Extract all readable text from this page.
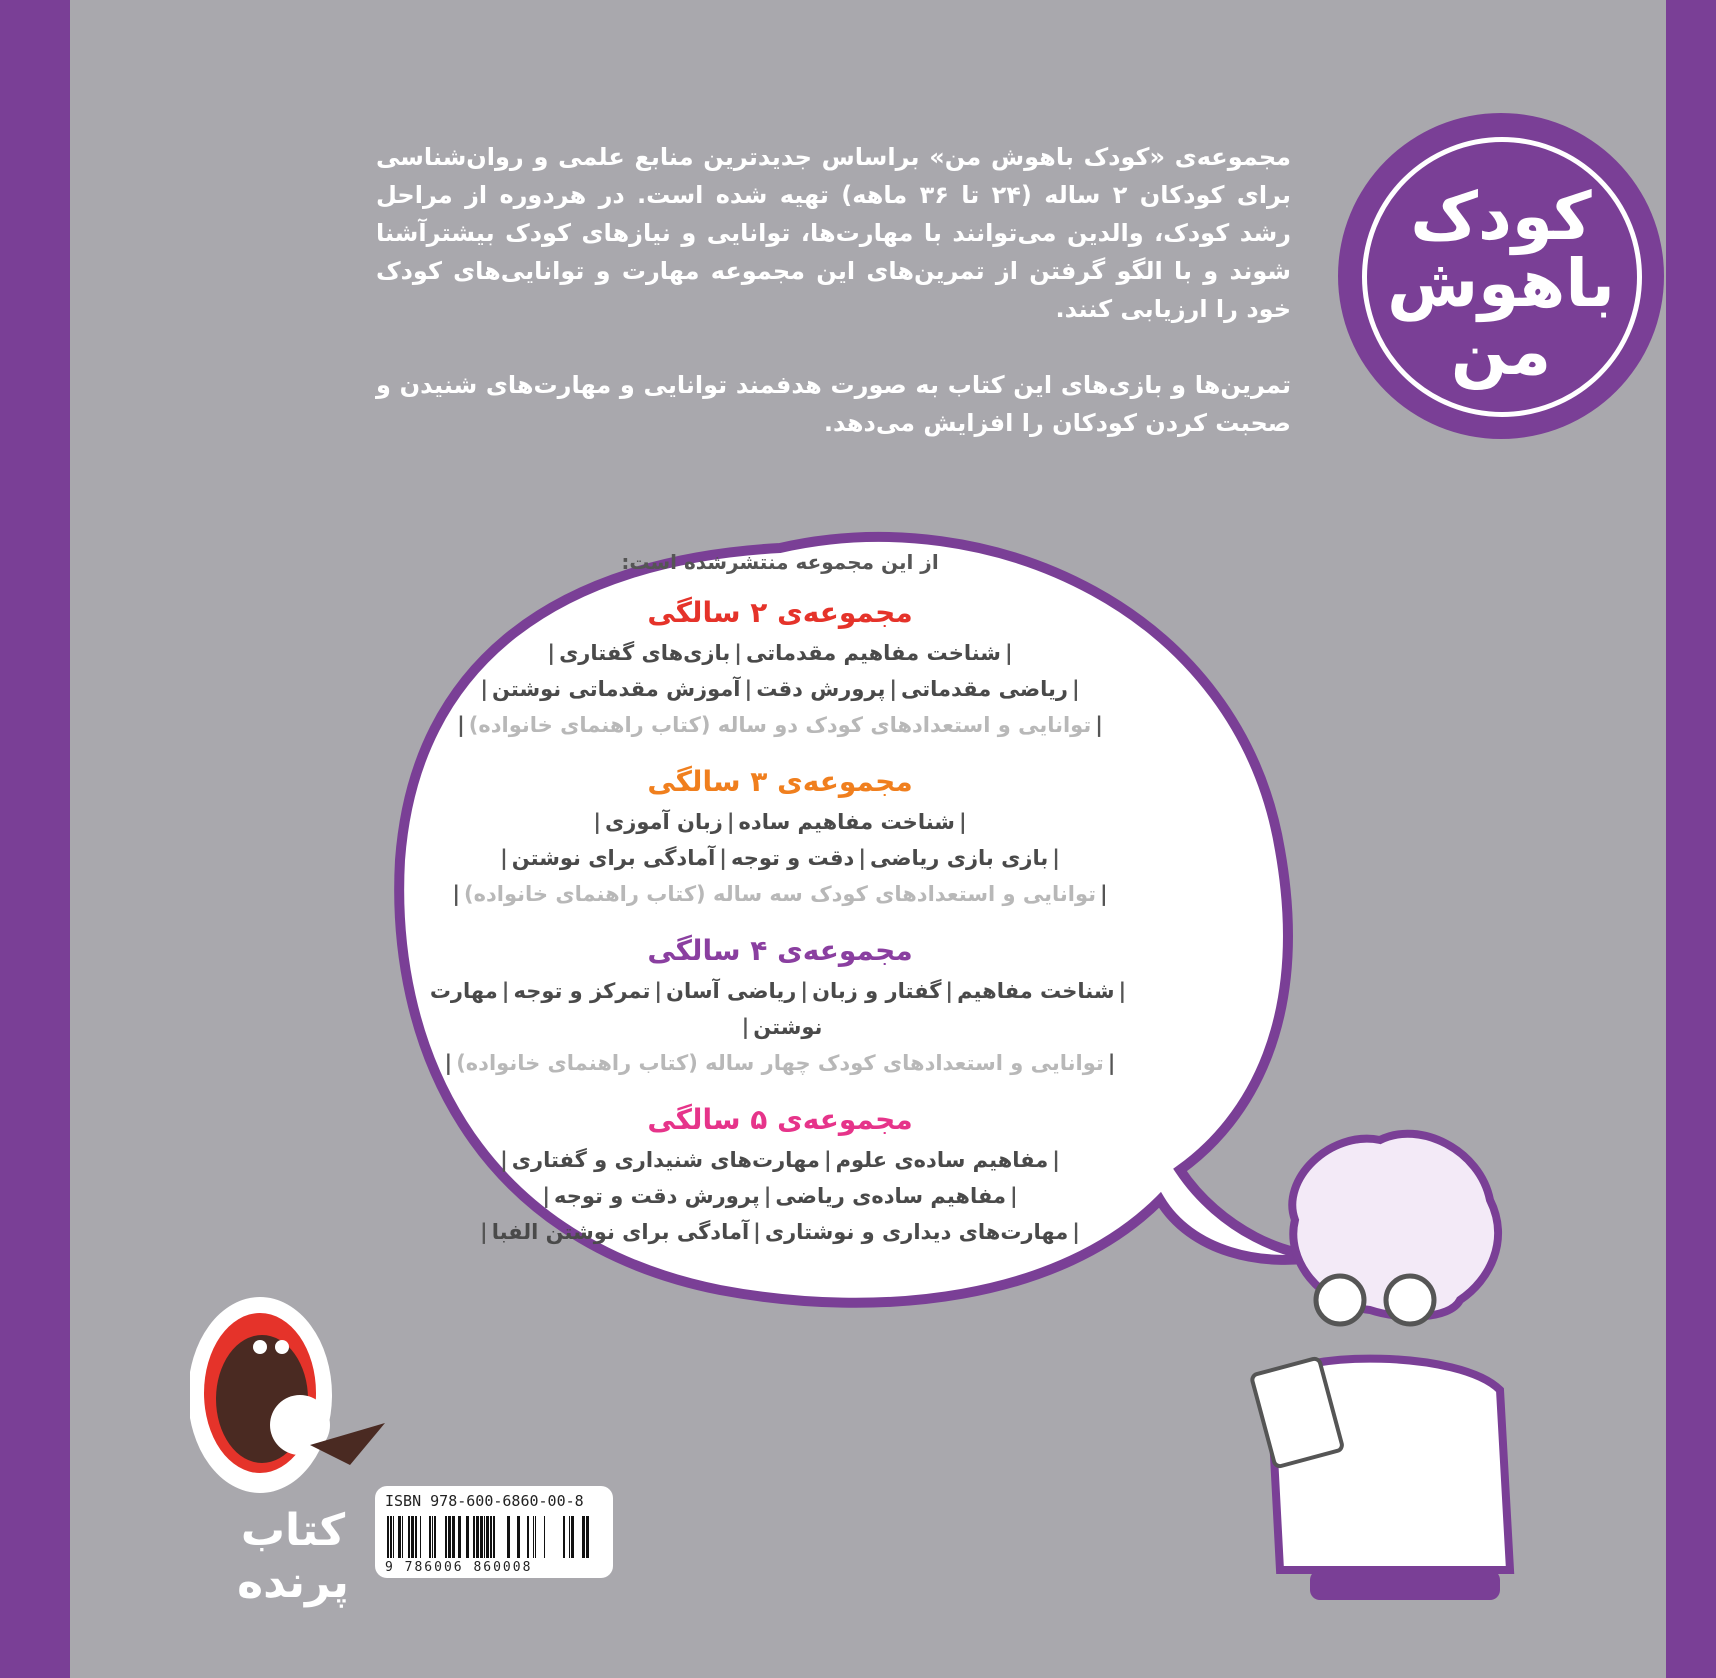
کودک
باهوش
من

مجموعه‌ی «کودک باهوش من» براساس جدیدترین منابع علمی و روان‌شناسی برای کودکان ۲ ساله (۲۴ تا ۳۶ ماهه) تهیه شده است. در هردوره از مراحل رشد کودک، والدین می‌توانند با مهارت‌ها، توانایی و نیازهای کودک بیشترآشنا شوند و با الگو گرفتن از تمرین‌های این مجموعه مهارت و توانایی‌های کودک خود را ارزیابی کنند.

تمرین‌ها و بازی‌های این کتاب به صورت هدفمند توانایی و مهارت‌های شنیدن و صحبت کردن کودکان را افزایش می‌دهد.

از این مجموعه منتشرشده است:
مجموعه‌ی ۲ سالگی
|شناخت مفاهیم مقدماتی|بازی‌های گفتاری|
|ریاضی مقدماتی|پرورش دقت|آموزش مقدماتی نوشتن|
|توانایی و استعدادهای کودک دو ساله (کتاب راهنمای خانواده)|
مجموعه‌ی ۳ سالگی
|شناخت مفاهیم ساده|زبان آموزی|
|بازی بازی ریاضی|دقت و توجه|آمادگی برای نوشتن|
|توانایی و استعدادهای کودک سه ساله (کتاب راهنمای خانواده)|
مجموعه‌ی ۴ سالگی
|شناخت مفاهیم|گفتار و زبان|ریاضی آسان|تمرکز و توجه|مهارت نوشتن|
|توانایی و استعدادهای کودک چهار ساله (کتاب راهنمای خانواده)|
مجموعه‌ی ۵ سالگی
|مفاهیم ساده‌ی علوم|مهارت‌های شنیداری و گفتاری|
|مفاهیم ساده‌ی ریاضی|پرورش دقت و توجه|
|مهارت‌های دیداری و نوشتاری|آمادگی برای نوشتن الفبا|
کتاب
پرنده
ISBN 978-600-6860-00-8
9 786006 860008
